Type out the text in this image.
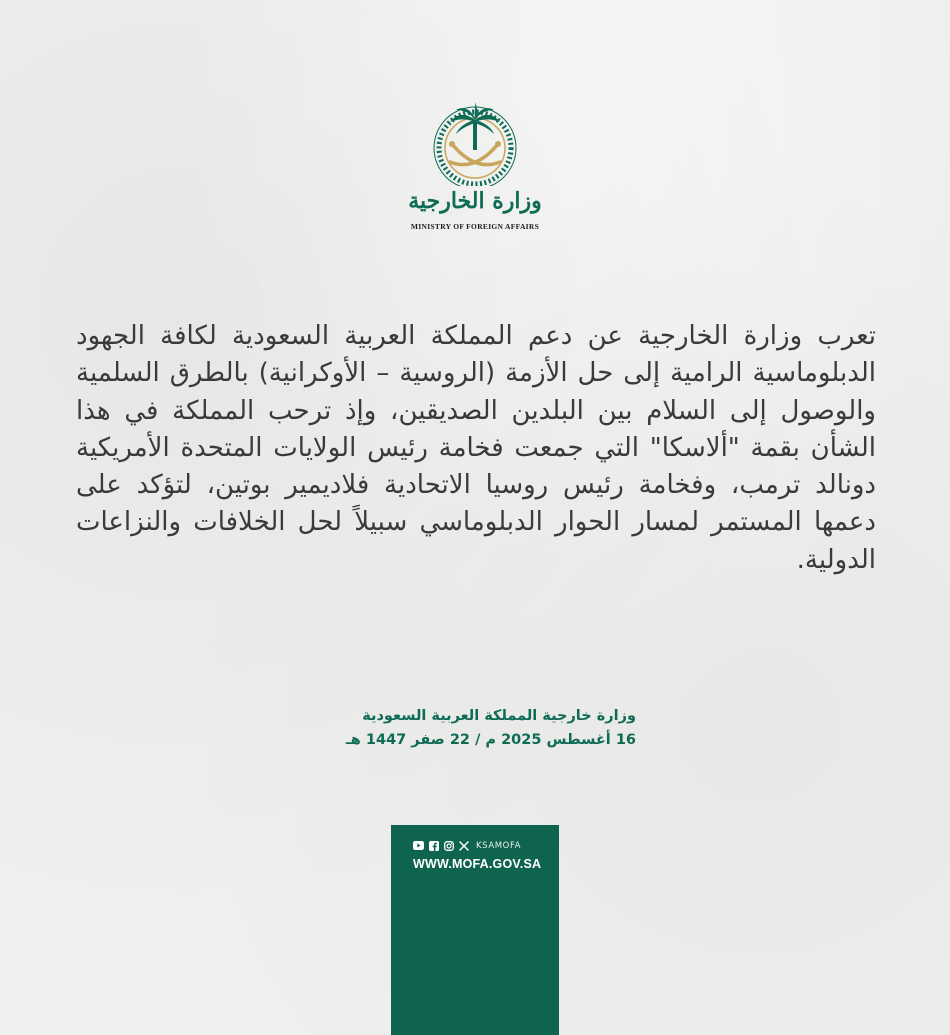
وزارة الخارجية
MINISTRY OF FOREIGN AFFAIRS
تعرب وزارة الخارجية عن دعم المملكة العربية السعودية لكافة الجهود الدبلوماسية الرامية إلى حل الأزمة (الروسية – الأوكرانية) بالطرق السلمية والوصول إلى السلام بين البلدين الصديقين، وإذ ترحب المملكة في هذا الشأن بقمة "ألاسكا" التي جمعت فخامة رئيس الولايات المتحدة الأمريكية دونالد ترمب، وفخامة رئيس روسيا الاتحادية فلاديمير بوتين، لتؤكد على دعمها المستمر لمسار الحوار الدبلوماسي سبيلاً لحل الخلافات والنزاعات الدولية.
وزارة خارجية المملكة العربية السعودية
16 أغسطس 2025 م / 22 صفر 1447 هـ
KSAMOFA
WWW.MOFA.GOV.SA
